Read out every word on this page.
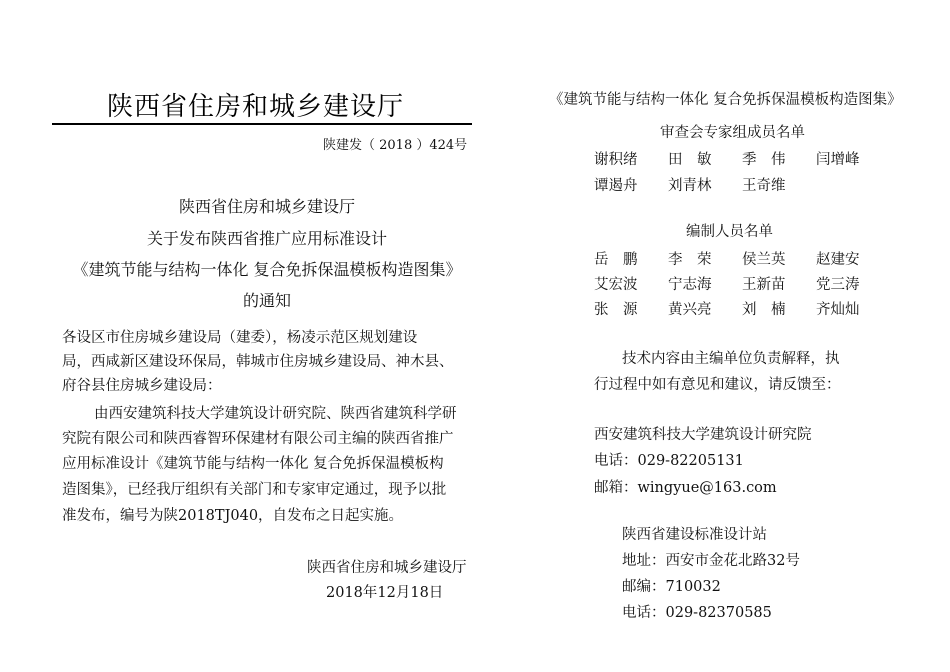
陕西省住房和城乡建设厅
陕建发（ 2018 ）424号
陕西省住房和城乡建设厅
关于发布陕西省推广应用标准设计
《建筑节能与结构一体化 复合免拆保温模板构造图集》
的通知
各设区市住房城乡建设局（建委），杨凌示范区规划建设
局，西咸新区建设环保局，韩城市住房城乡建设局、神木县、
府谷县住房城乡建设局：
由西安建筑科技大学建筑设计研究院、陕西省建筑科学研
究院有限公司和陕西睿智环保建材有限公司主编的陕西省推广
应用标准设计《建筑节能与结构一体化 复合免拆保温模板构
造图集》，已经我厅组织有关部门和专家审定通过，现予以批
准发布，编号为陕2018TJ040，自发布之日起实施。
陕西省住房和城乡建设厅
2018年12月18日
《建筑节能与结构一体化 复合免拆保温模板构造图集》
审查会专家组成员名单
谢积绪	田　敏	季　伟	闫增峰
谭遏舟	刘青林	王奇维
编制人员名单
岳　鹏	李　荣	侯兰英	赵建安
艾宏波	宁志海	王新苗	党三涛
张　源	黄兴亮	刘　楠	齐灿灿
技术内容由主编单位负责解释，执
行过程中如有意见和建议，请反馈至：
西安建筑科技大学建筑设计研究院
电话：029-82205131
邮箱：wingyue@163.com
陕西省建设标准设计站
地址：西安市金花北路32号
邮编：710032
电话：029-82370585
